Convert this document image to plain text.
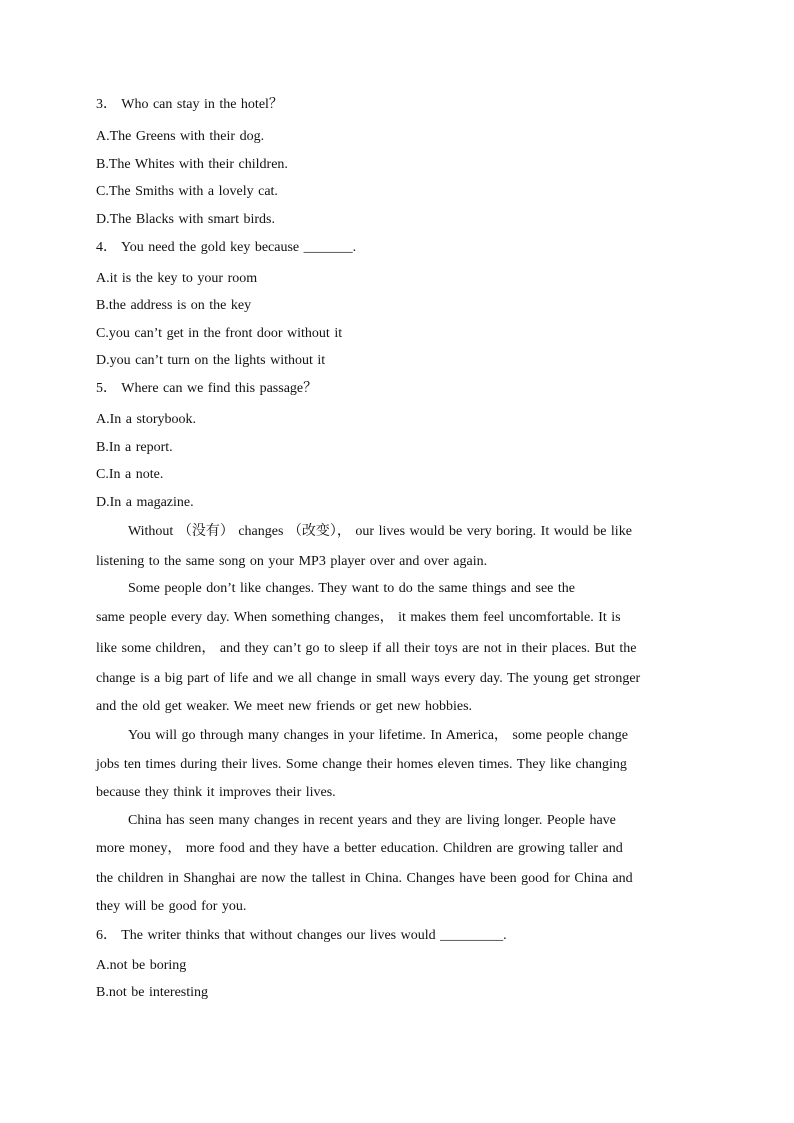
3． Who can stay in the hotel？
A.The Greens with their dog.
B.The Whites with their children.
C.The Smiths with a lovely cat.
D.The Blacks with smart birds.
4． You need the gold key because _______.
A.it is the key to your room
B.the address is on the key
C.you can’t get in the front door without it
D.you can’t turn on the lights without it
5． Where can we find this passage？
A.In a storybook.
B.In a report.
C.In a note.
D.In a magazine.
Without （没有） changes （改变）， our lives would be very boring. It would be like
listening to the same song on your MP3 player over and over again.
Some people don’t like changes. They want to do the same things and see the
same people every day. When something changes， it makes them feel uncomfortable. It is
like some children， and they can’t go to sleep if all their toys are not in their places. But the
change is a big part of life and we all change in small ways every day. The young get stronger
and the old get weaker. We meet new friends or get new hobbies.
You will go through many changes in your lifetime. In America， some people change
jobs ten times during their lives. Some change their homes eleven times. They like changing
because they think it improves their lives.
China has seen many changes in recent years and they are living longer. People have
more money， more food and they have a better education. Children are growing taller and
the children in Shanghai are now the tallest in China. Changes have been good for China and
they will be good for you.
6． The writer thinks that without changes our lives would _________.
A.not be boring
B.not be interesting
